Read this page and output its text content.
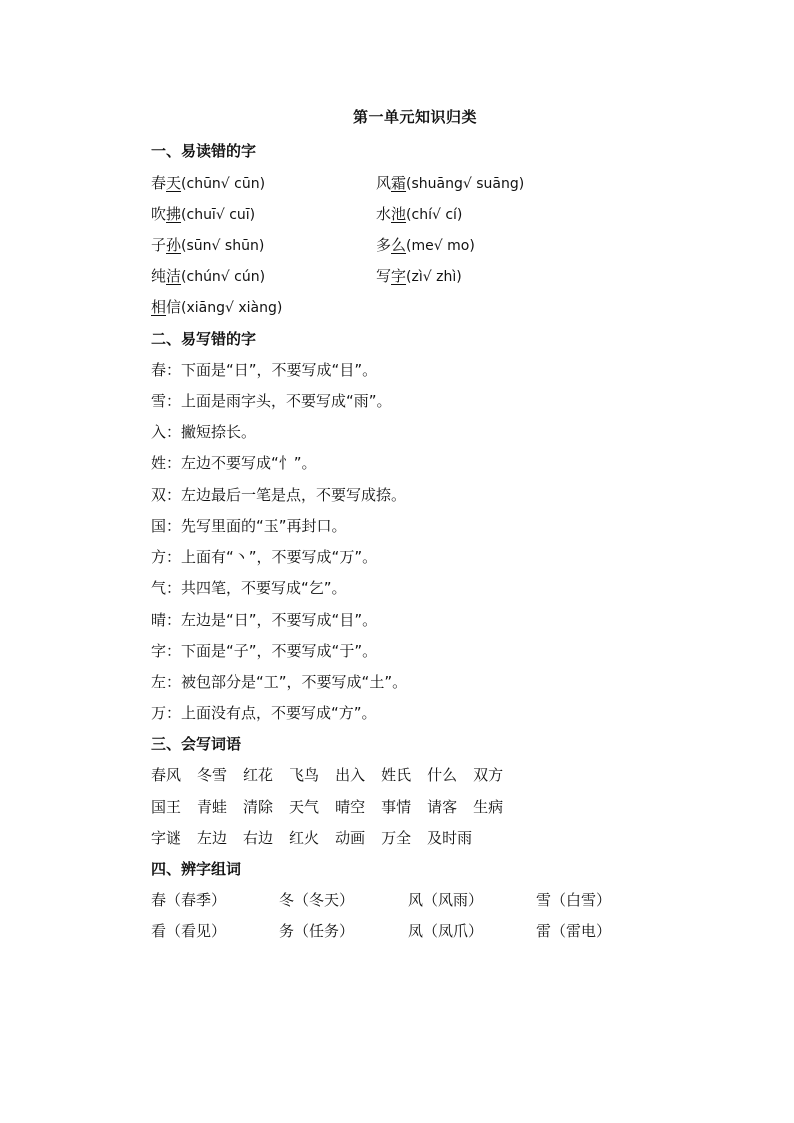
第一单元知识归类
一、易读错的字
春天(chūn√ cūn)	风霜(shuāng√ suāng)
吹拂(chuī√ cuī)	水池(chí√ cí)
子孙(sūn√ shūn)	多么(me√ mo)
纯洁(chún√ cún)	写字(zì√ zhì)
相信(xiāng√ xiàng)
二、易写错的字
春：下面是“日”，不要写成“目”。
雪：上面是雨字头，不要写成“雨”。
入：撇短捺长。
姓：左边不要写成“忄”。
双：左边最后一笔是点，不要写成捺。
国：先写里面的“玉”再封口。
方：上面有“丶”，不要写成“万”。
气：共四笔，不要写成“乞”。
晴：左边是“日”，不要写成“目”。
字：下面是“子”，不要写成“于”。
左：被包部分是“工”，不要写成“土”。
万：上面没有点，不要写成“方”。
三、会写词语
春风 冬雪 红花 飞鸟 出入 姓氏 什么 双方
国王 青蛙 清除 天气 晴空 事情 请客 生病
字谜 左边 右边 红火 动画 万全 及时雨
四、辨字组词
春（春季）	冬（冬天）	风（风雨）	雪（白雪）
看（看见）	务（任务）	凤（凤爪）	雷（雷电）
